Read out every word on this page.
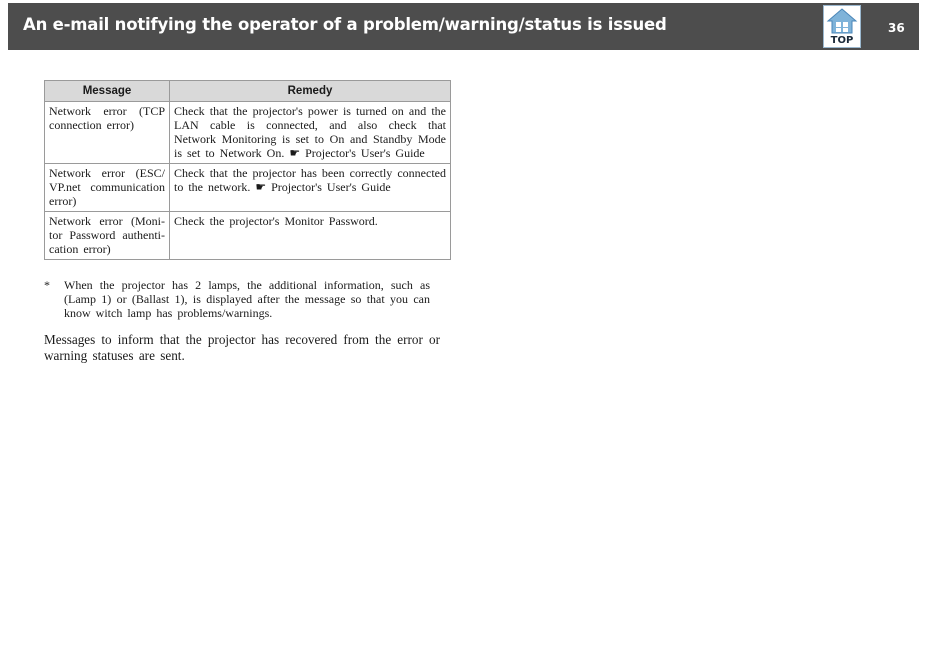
An e-mail notifying the operator of a problem/warning/status is issued
TOP
36
Message	Remedy
Network error (TCP connection error)	Check that the projector's power is turned on and the LAN cable is connected, and also check that Network Monitoring is set to On and Standby Mode is set to Network On. ☛ Projector's User's Guide
Network error (ESC/ VP.net communication error)	Check that the projector has been correctly connected to the network. ☛ Projector's User's Guide
Network error (Moni- tor Password authenti- cation error)	Check the projector's Monitor Password.
* When the projector has 2 lamps, the additional information, such as (Lamp 1) or (Ballast 1), is displayed after the message so that you can know witch lamp has problems/warnings.
Messages to inform that the projector has recovered from the error or warning statuses are sent.
